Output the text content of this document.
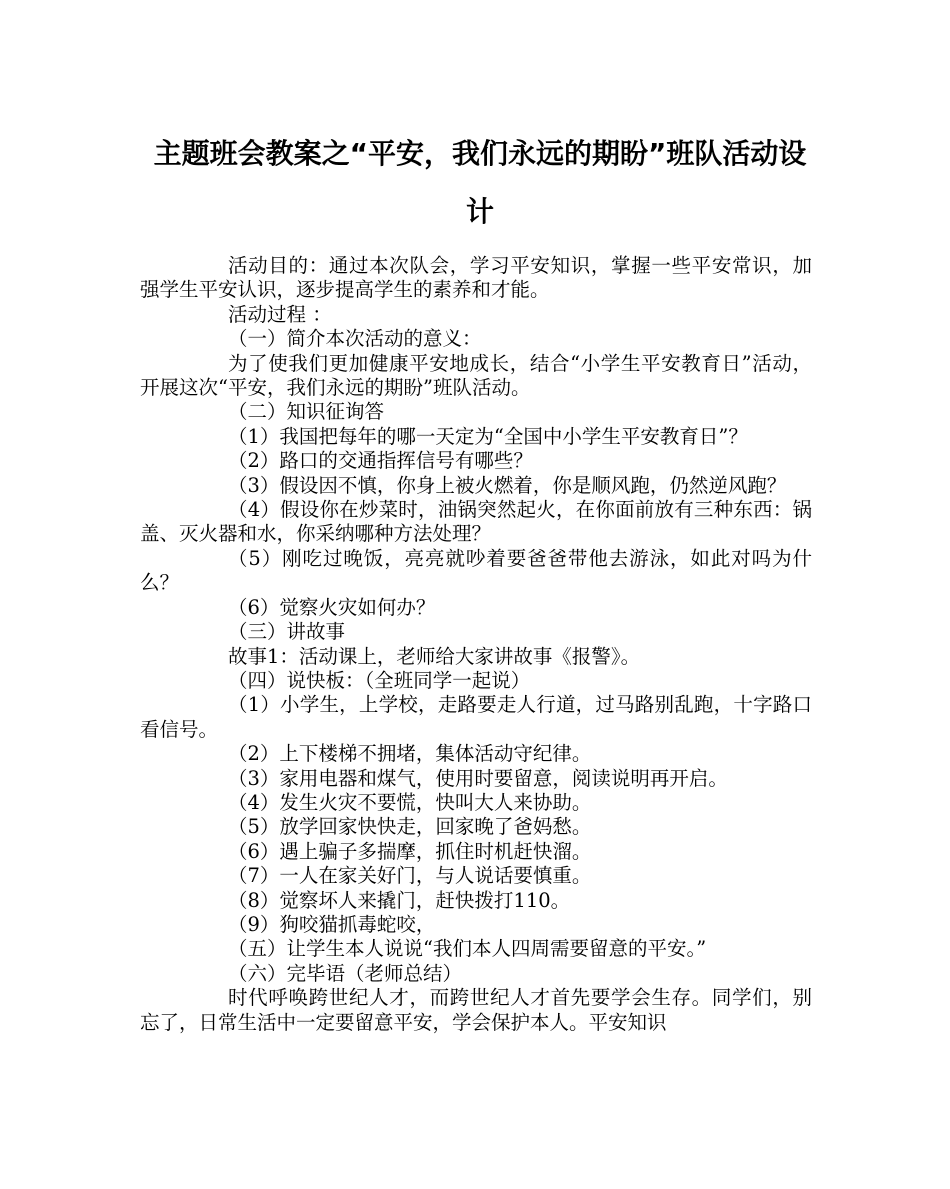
主题班会教案之“平安，我们永远的期盼”班队活动设
计

活动目的：通过本次队会，学习平安知识，掌握一些平安常识，加强学生平安认识，逐步提高学生的素养和才能。

活动过程 ：

（一）简介本次活动的意义：

为了使我们更加健康平安地成长，结合“小学生平安教育日”活动，开展这次“平安，我们永远的期盼”班队活动。

（二）知识征询答

（1）我国把每年的哪一天定为“全国中小学生平安教育日”？

（2）路口的交通指挥信号有哪些？

（3）假设因不慎，你身上被火燃着，你是顺风跑，仍然逆风跑？

（4）假设你在炒菜时，油锅突然起火，在你面前放有三种东西：锅盖、灭火器和水，你采纳哪种方法处理？

（5）刚吃过晚饭，亮亮就吵着要爸爸带他去游泳，如此对吗为什么？

（6）觉察火灾如何办？

（三）讲故事

故事1：活动课上，老师给大家讲故事《报警》。

（四）说快板：（全班同学一起说）

（1）小学生，上学校，走路要走人行道，过马路别乱跑，十字路口看信号。

（2）上下楼梯不拥堵，集体活动守纪律。

（3）家用电器和煤气，使用时要留意，阅读说明再开启。

（4）发生火灾不要慌，快叫大人来协助。

（5）放学回家快快走，回家晚了爸妈愁。

（6）遇上骗子多揣摩，抓住时机赶快溜。

（7）一人在家关好门，与人说话要慎重。

（8）觉察坏人来撬门，赶快拨打110。

（9）狗咬猫抓毒蛇咬，

（五）让学生本人说说“我们本人四周需要留意的平安。”

（六）完毕语（老师总结）

时代呼唤跨世纪人才，而跨世纪人才首先要学会生存。同学们，别忘了，日常生活中一定要留意平安，学会保护本人。平安知识
